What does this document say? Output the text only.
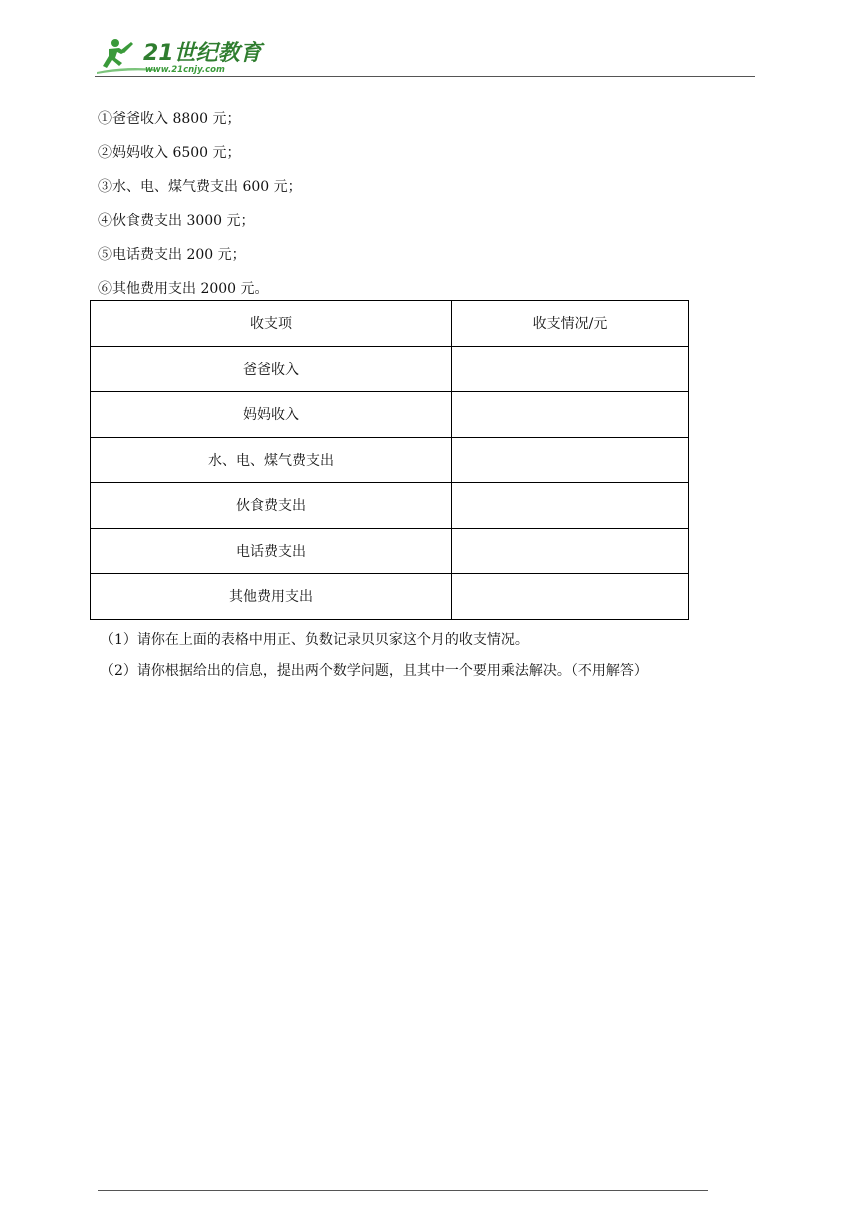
21世纪教育
www.21cnjy.com
①爸爸收入 8800 元；
②妈妈收入 6500 元；
③水、电、煤气费支出 600 元；
④伙食费支出 3000 元；
⑤电话费支出 200 元；
⑥其他费用支出 2000 元。
收支项	收支情况/元
爸爸收入	
妈妈收入	
水、电、煤气费支出	
伙食费支出	
电话费支出	
其他费用支出	
（1）请你在上面的表格中用正、负数记录贝贝家这个月的收支情况。
（2）请你根据给出的信息，提出两个数学问题，且其中一个要用乘法解决。（不用解答）
